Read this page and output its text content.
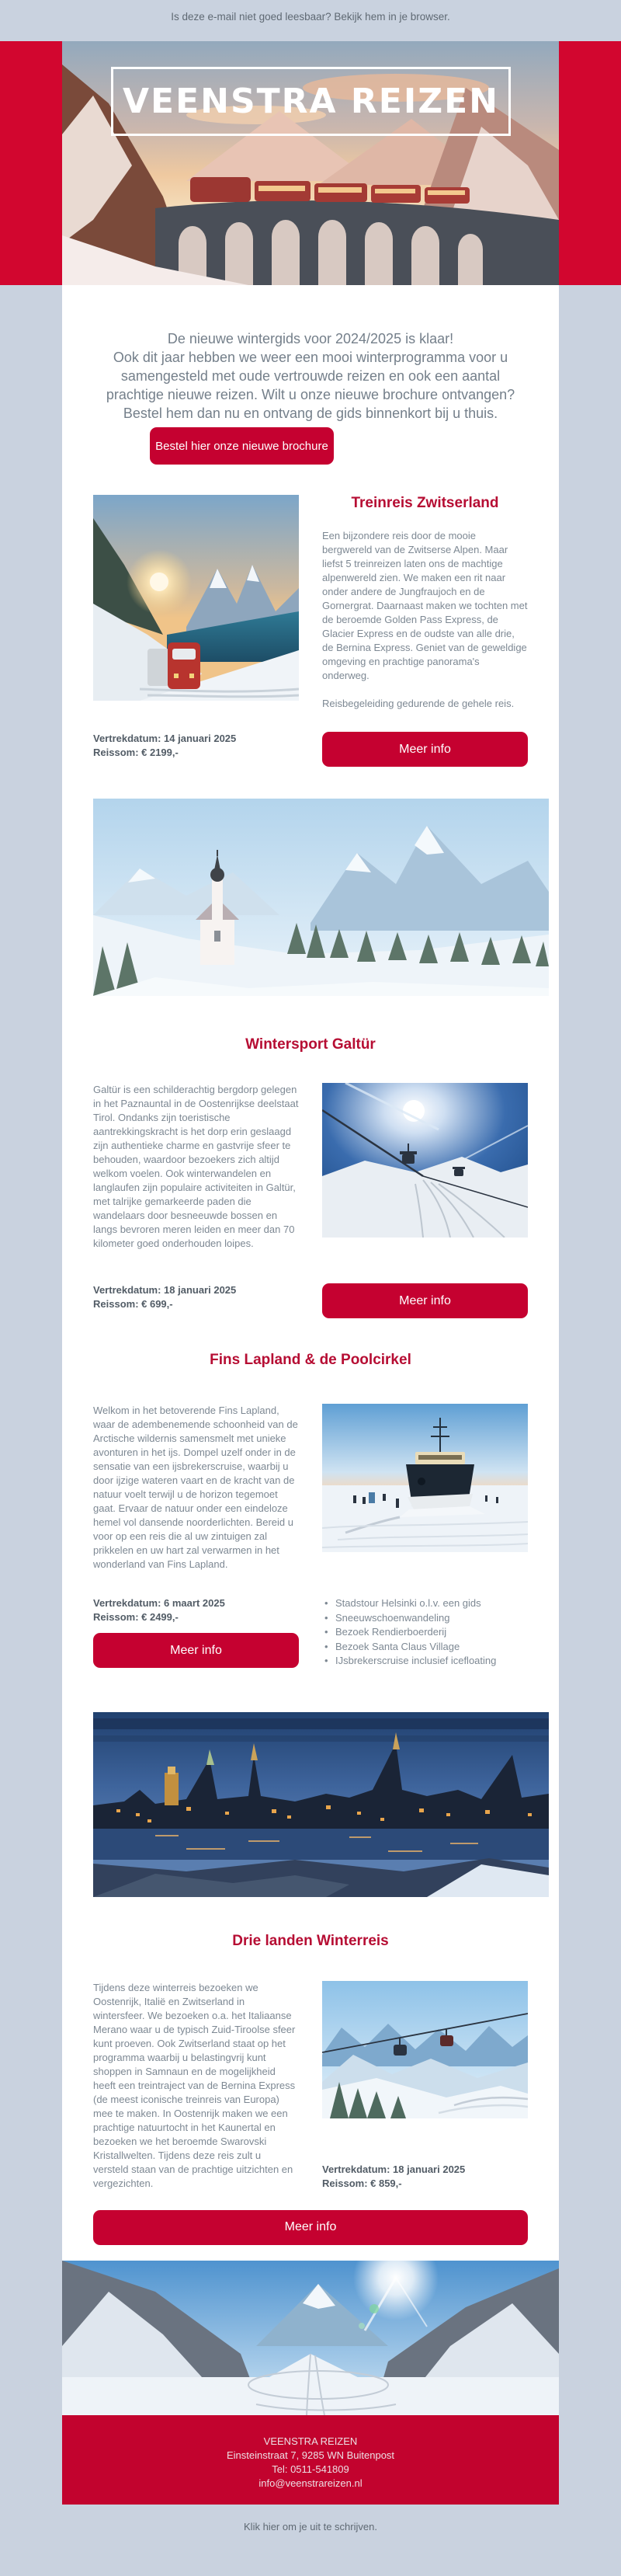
Is deze e-mail niet goed leesbaar? Bekijk hem in je browser.
VEENSTRA REIZEN
De nieuwe wintergids voor 2024/2025 is klaar!
Ook dit jaar hebben we weer een mooi winterprogramma voor u samengesteld met oude vertrouwde reizen en ook een aantal prachtige nieuwe reizen. Wilt u onze nieuwe brochure ontvangen? Bestel hem dan nu en ontvang de gids binnenkort bij u thuis.
Bestel hier onze nieuwe brochure
Treinreis Zwitserland
Een bijzondere reis door de mooie bergwereld van de Zwitserse Alpen. Maar liefst 5 treinreizen laten ons de machtige alpenwereld zien. We maken een rit naar onder andere de Jungfraujoch en de Gornergrat. Daarnaast maken we tochten met de beroemde Golden Pass Express, de Glacier Express en de oudste van alle drie, de Bernina Express. Geniet van de geweldige omgeving en prachtige panorama's onderweg.
Reisbegeleiding gedurende de gehele reis.
Vertrekdatum: 14 januari 2025
Reissom: € 2199,-	Meer info
Wintersport Galtür
Galtür is een schilderachtig bergdorp gelegen in het Paznauntal in de Oostenrijkse deelstaat Tirol. Ondanks zijn toeristische aantrekkingskracht is het dorp erin geslaagd zijn authentieke charme en gastvrije sfeer te behouden, waardoor bezoekers zich altijd welkom voelen. Ook winterwandelen en langlaufen zijn populaire activiteiten in Galtür, met talrijke gemarkeerde paden die wandelaars door besneeuwde bossen en langs bevroren meren leiden en meer dan 70 kilometer goed onderhouden loipes.
Vertrekdatum: 18 januari 2025
Reissom: € 699,-	Meer info
Fins Lapland & de Poolcirkel
Welkom in het betoverende Fins Lapland, waar de adembenemende schoonheid van de Arctische wildernis samensmelt met unieke avonturen in het ijs. Dompel uzelf onder in de sensatie van een ijsbrekerscruise, waarbij u door ijzige wateren vaart en de kracht van de natuur voelt terwijl u de horizon tegemoet gaat. Ervaar de natuur onder een eindeloze hemel vol dansende noorderlichten. Bereid u voor op een reis die al uw zintuigen zal prikkelen en uw hart zal verwarmen in het wonderland van Fins Lapland.
Vertrekdatum: 6 maart 2025
Reissom: € 2499,-
Meer info
• Stadstour Helsinki o.l.v. een gids
• Sneeuwschoenwandeling
• Bezoek Rendierboerderij
• Bezoek Santa Claus Village
• IJsbrekerscruise inclusief icefloating
Drie landen Winterreis
Tijdens deze winterreis bezoeken we Oostenrijk, Italië en Zwitserland in wintersfeer. We bezoeken o.a. het Italiaanse Merano waar u de typisch Zuid-Tiroolse sfeer kunt proeven. Ook Zwitserland staat op het programma waarbij u belastingvrij kunt shoppen in Samnaun en de mogelijkheid heeft een treintraject van de Bernina Express (de meest iconische treinreis van Europa) mee te maken. In Oostenrijk maken we een prachtige natuurtocht in het Kaunertal en bezoeken we het beroemde Swarovski Kristallwelten. Tijdens deze reis zult u versteld staan van de prachtige uitzichten en vergezichten.
Vertrekdatum: 18 januari 2025
Reissom: € 859,-
Meer info
VEENSTRA REIZEN
Einsteinstraat 7, 9285 WN Buitenpost
Tel: 0511-541809
info@veenstrareizen.nl
Klik hier om je uit te schrijven.
